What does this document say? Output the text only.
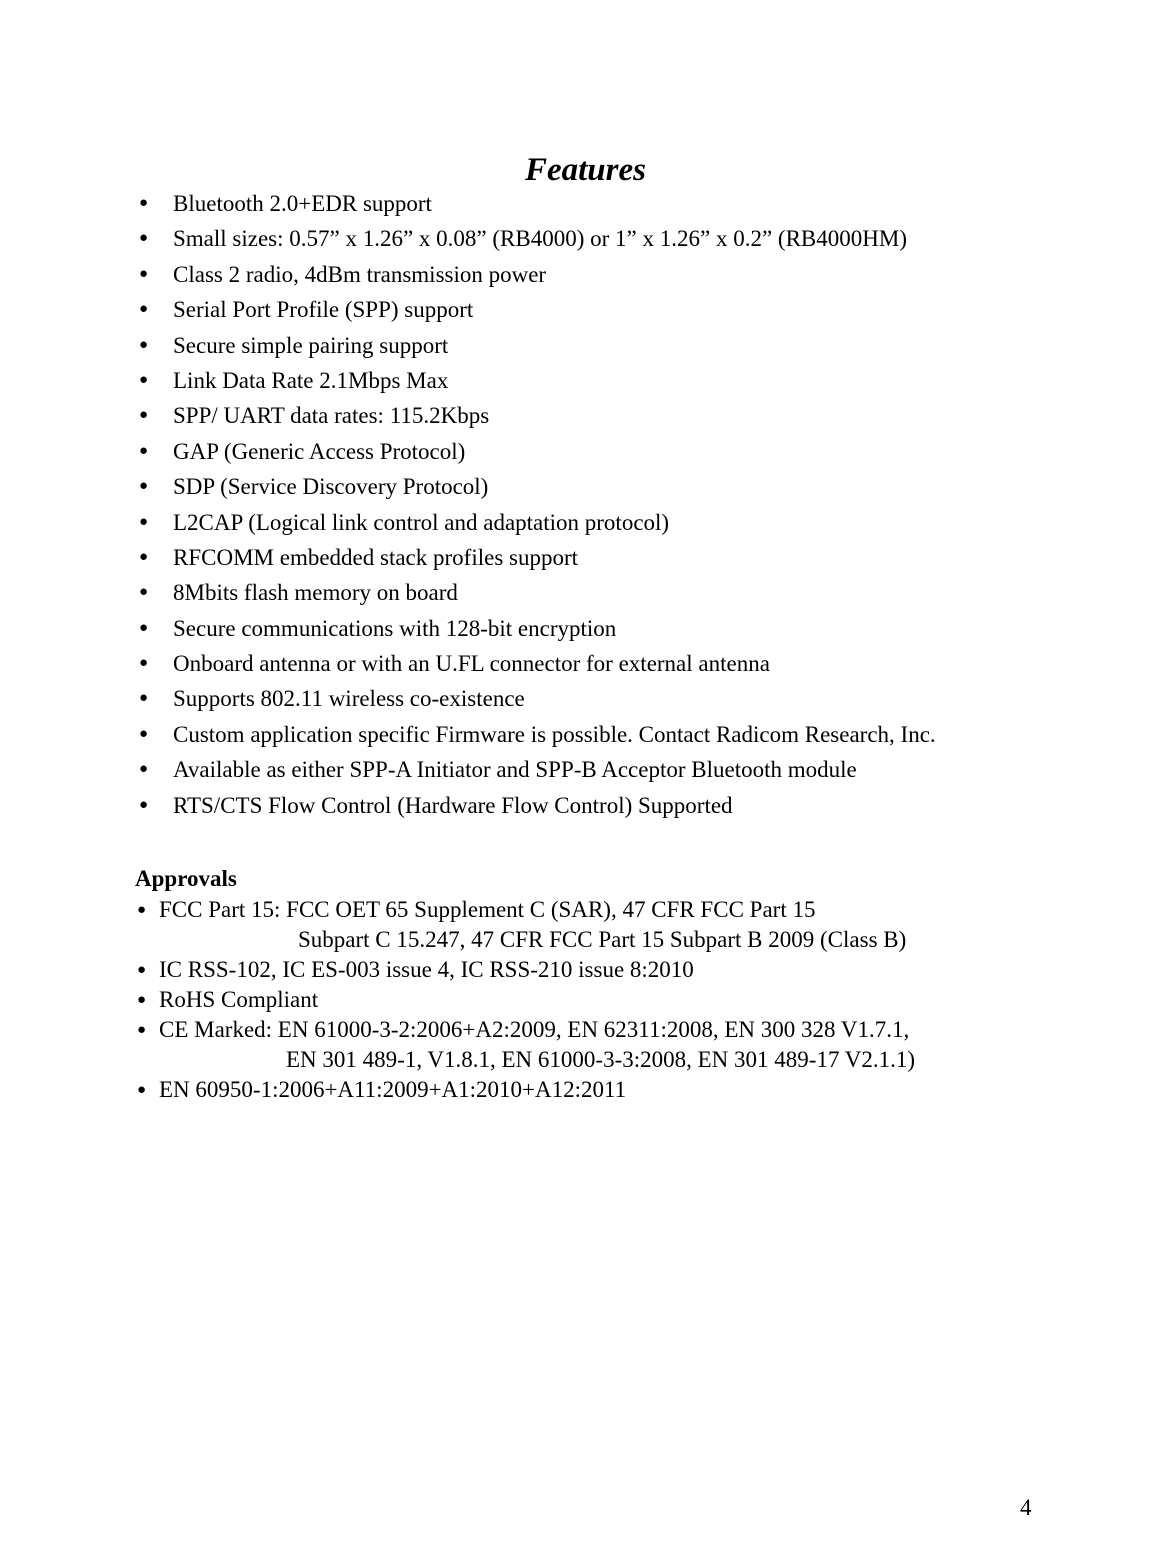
Features
● Bluetooth 2.0+EDR support
● Small sizes: 0.57” x 1.26” x 0.08” (RB4000) or 1” x 1.26” x 0.2” (RB4000HM)
● Class 2 radio, 4dBm transmission power
● Serial Port Profile (SPP) support
● Secure simple pairing support
● Link Data Rate 2.1Mbps Max
● SPP/ UART data rates: 115.2Kbps
● GAP (Generic Access Protocol)
● SDP (Service Discovery Protocol)
● L2CAP (Logical link control and adaptation protocol)
● RFCOMM embedded stack profiles support
● 8Mbits flash memory on board
● Secure communications with 128-bit encryption
● Onboard antenna or with an U.FL connector for external antenna
● Supports 802.11 wireless co-existence
● Custom application specific Firmware is possible. Contact Radicom Research, Inc.
● Available as either SPP-A Initiator and SPP-B Acceptor Bluetooth module
● RTS/CTS Flow Control (Hardware Flow Control) Supported
Approvals
● FCC Part 15: FCC OET 65 Supplement C (SAR), 47 CFR FCC Part 15
Subpart C 15.247, 47 CFR FCC Part 15 Subpart B 2009 (Class B)
● IC RSS-102, IC ES-003 issue 4, IC RSS-210 issue 8:2010
● RoHS Compliant
● CE Marked: EN 61000-3-2:2006+A2:2009, EN 62311:2008, EN 300 328 V1.7.1,
EN 301 489-1, V1.8.1, EN 61000-3-3:2008, EN 301 489-17 V2.1.1)
● EN 60950-1:2006+A11:2009+A1:2010+A12:2011
4
